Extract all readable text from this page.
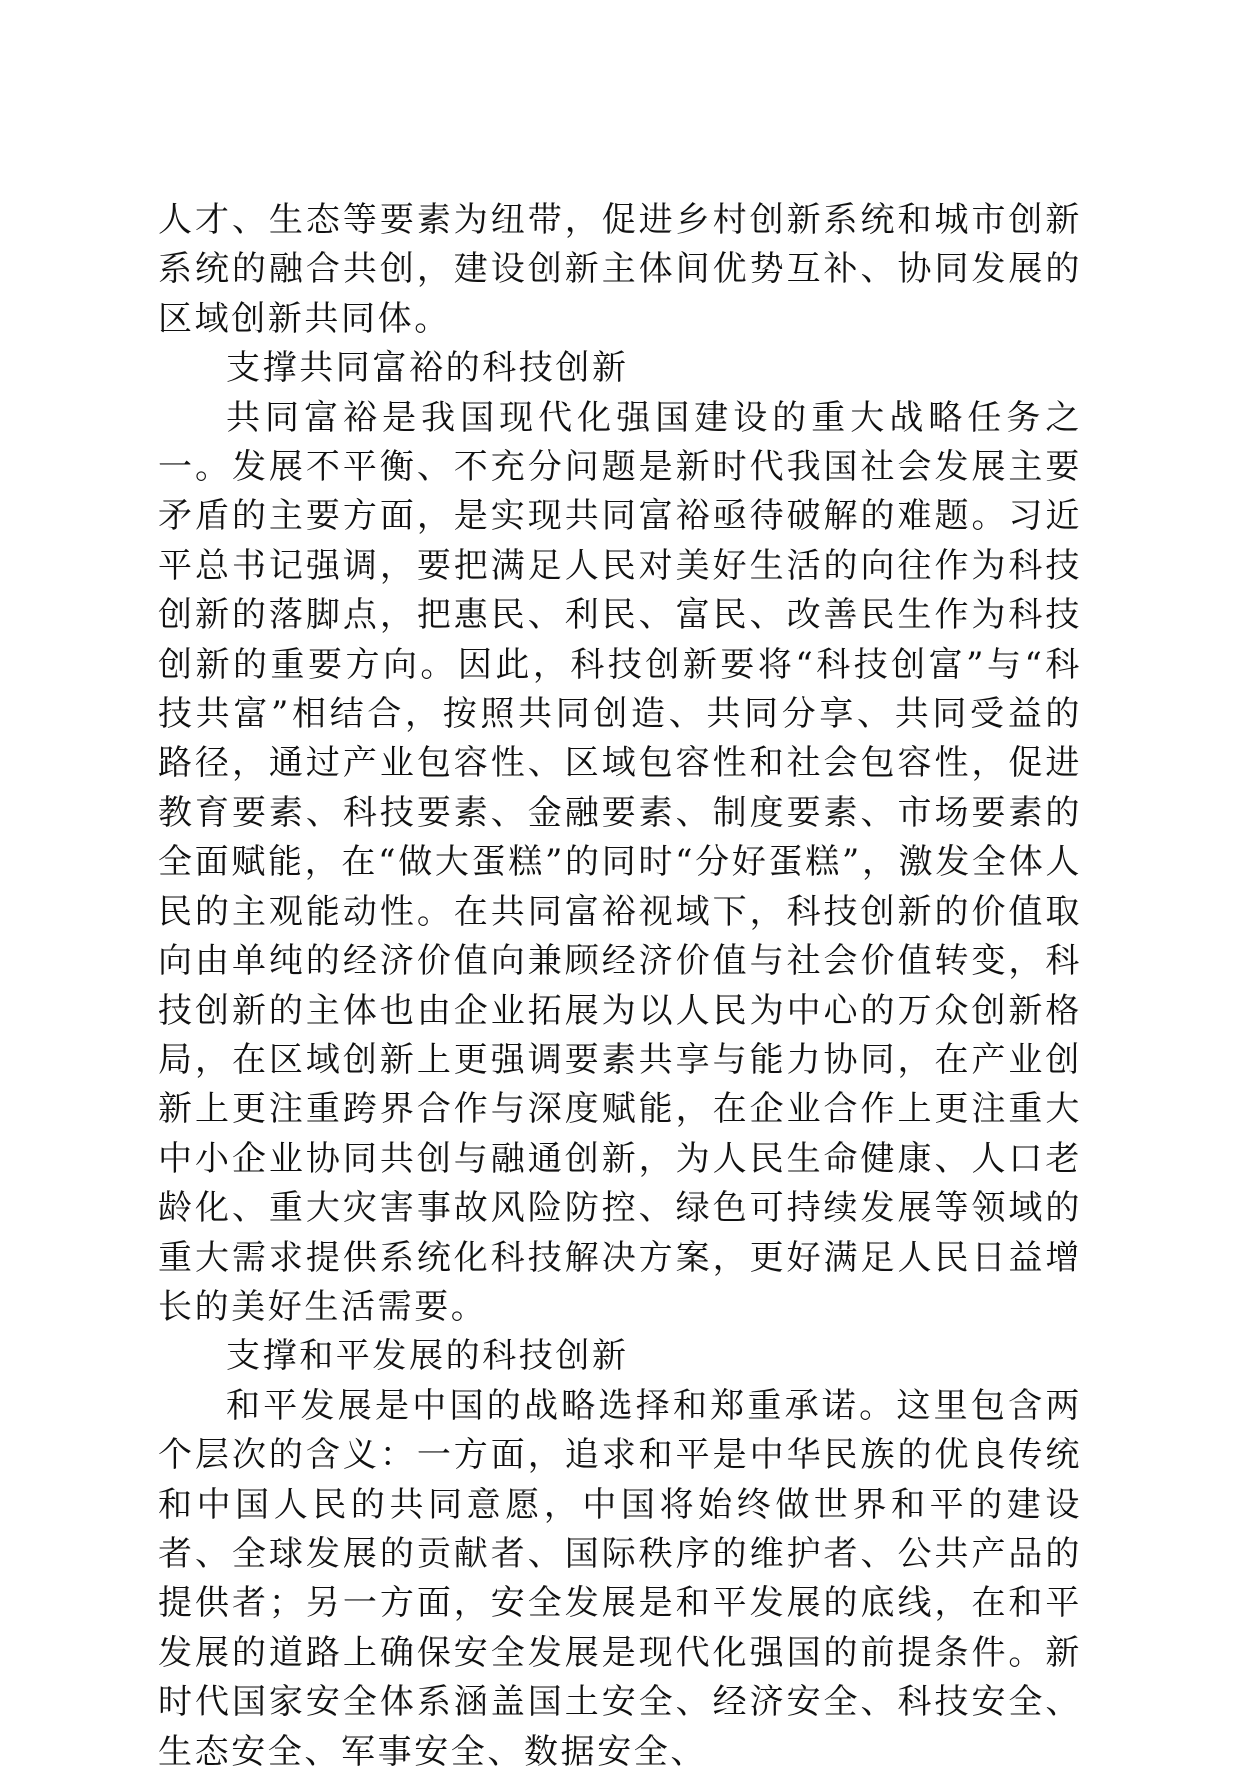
人才、生态等要素为纽带，促进乡村创新系统和城市创新系统的融合共创，建设创新主体间优势互补、协同发展的区域创新共同体。

支撑共同富裕的科技创新

共同富裕是我国现代化强国建设的重大战略任务之一。发展不平衡、不充分问题是新时代我国社会发展主要矛盾的主要方面，是实现共同富裕亟待破解的难题。习近平总书记强调，要把满足人民对美好生活的向往作为科技创新的落脚点，把惠民、利民、富民、改善民生作为科技创新的重要方向。因此，科技创新要将“科技创富”与“科技共富”相结合，按照共同创造、共同分享、共同受益的路径，通过产业包容性、区域包容性和社会包容性，促进教育要素、科技要素、金融要素、制度要素、市场要素的全面赋能，在“做大蛋糕”的同时“分好蛋糕”，激发全体人民的主观能动性。在共同富裕视域下，科技创新的价值取向由单纯的经济价值向兼顾经济价值与社会价值转变，科技创新的主体也由企业拓展为以人民为中心的万众创新格局，在区域创新上更强调要素共享与能力协同，在产业创新上更注重跨界合作与深度赋能，在企业合作上更注重大中小企业协同共创与融通创新，为人民生命健康、人口老龄化、重大灾害事故风险防控、绿色可持续发展等领域的重大需求提供系统化科技解决方案，更好满足人民日益增长的美好生活需要。

支撑和平发展的科技创新

和平发展是中国的战略选择和郑重承诺。这里包含两个层次的含义：一方面，追求和平是中华民族的优良传统和中国人民的共同意愿，中国将始终做世界和平的建设者、全球发展的贡献者、国际秩序的维护者、公共产品的提供者；另一方面，安全发展是和平发展的底线，在和平发展的道路上确保安全发展是现代化强国的前提条件。新时代国家安全体系涵盖国土安全、经济安全、科技安全、生态安全、军事安全、数据安全、
